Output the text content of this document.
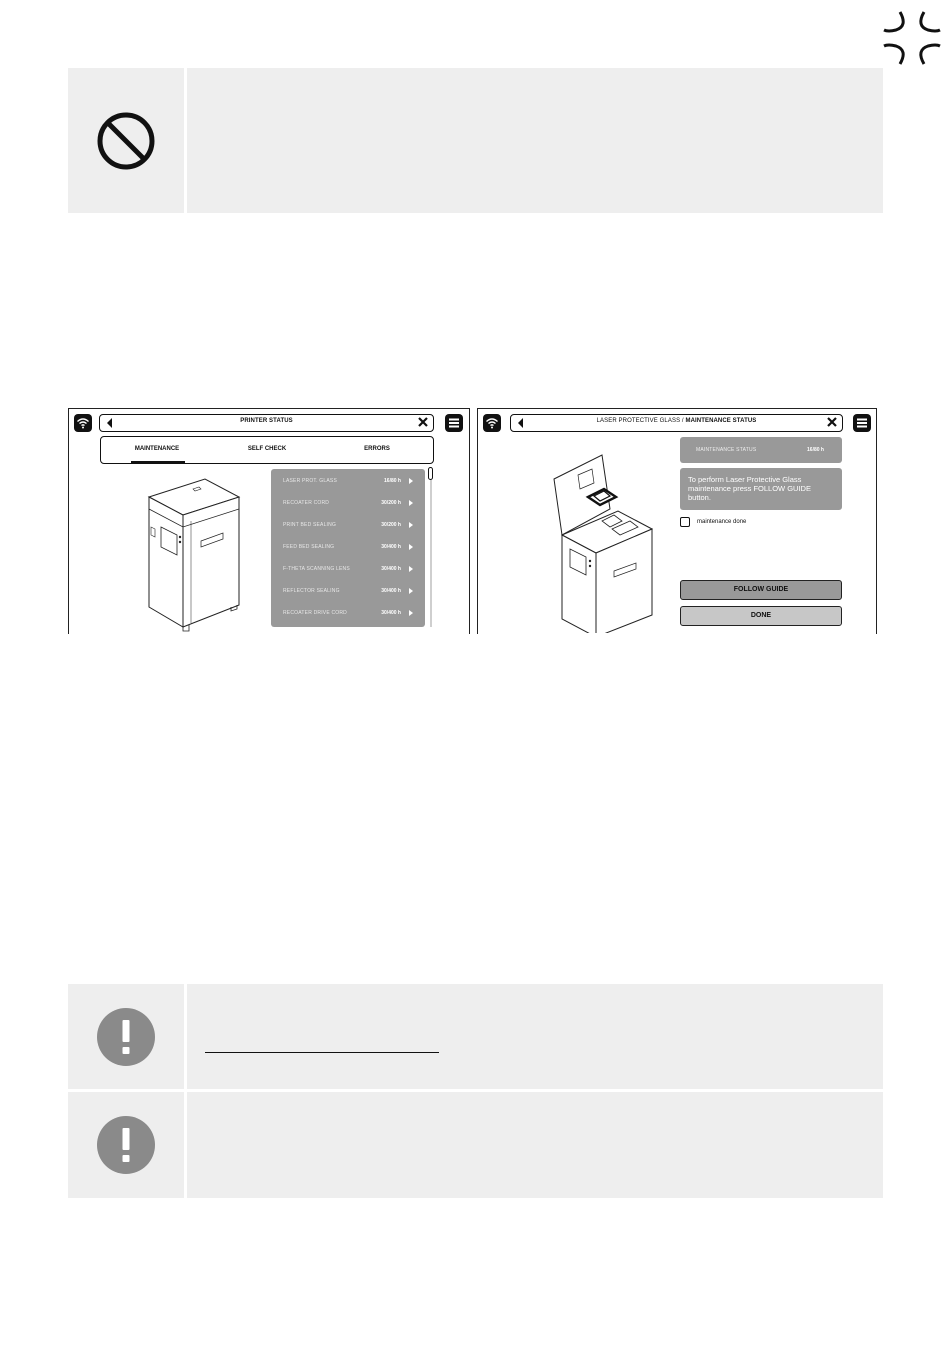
PRINTER STATUS
MAINTENANCE	SELF CHECK	ERRORS
LASER PROT. GLASS	16/80 h
RECOATER CORD	30/200 h
PRINT BED SEALING	30/200 h
FEED BED SEALING	30/400 h
F-THETA SCANNING LENS	30/400 h
REFLECTOR SEALING	30/400 h
RECOATER DRIVE CORD	30/400 h
LASER PROTECTIVE GLASS / MAINTENANCE STATUS
MAINTENANCE STATUS	16/80 h
To perform Laser Protective Glass maintenance press FOLLOW GUIDE button.
maintenance done
FOLLOW GUIDE
DONE
